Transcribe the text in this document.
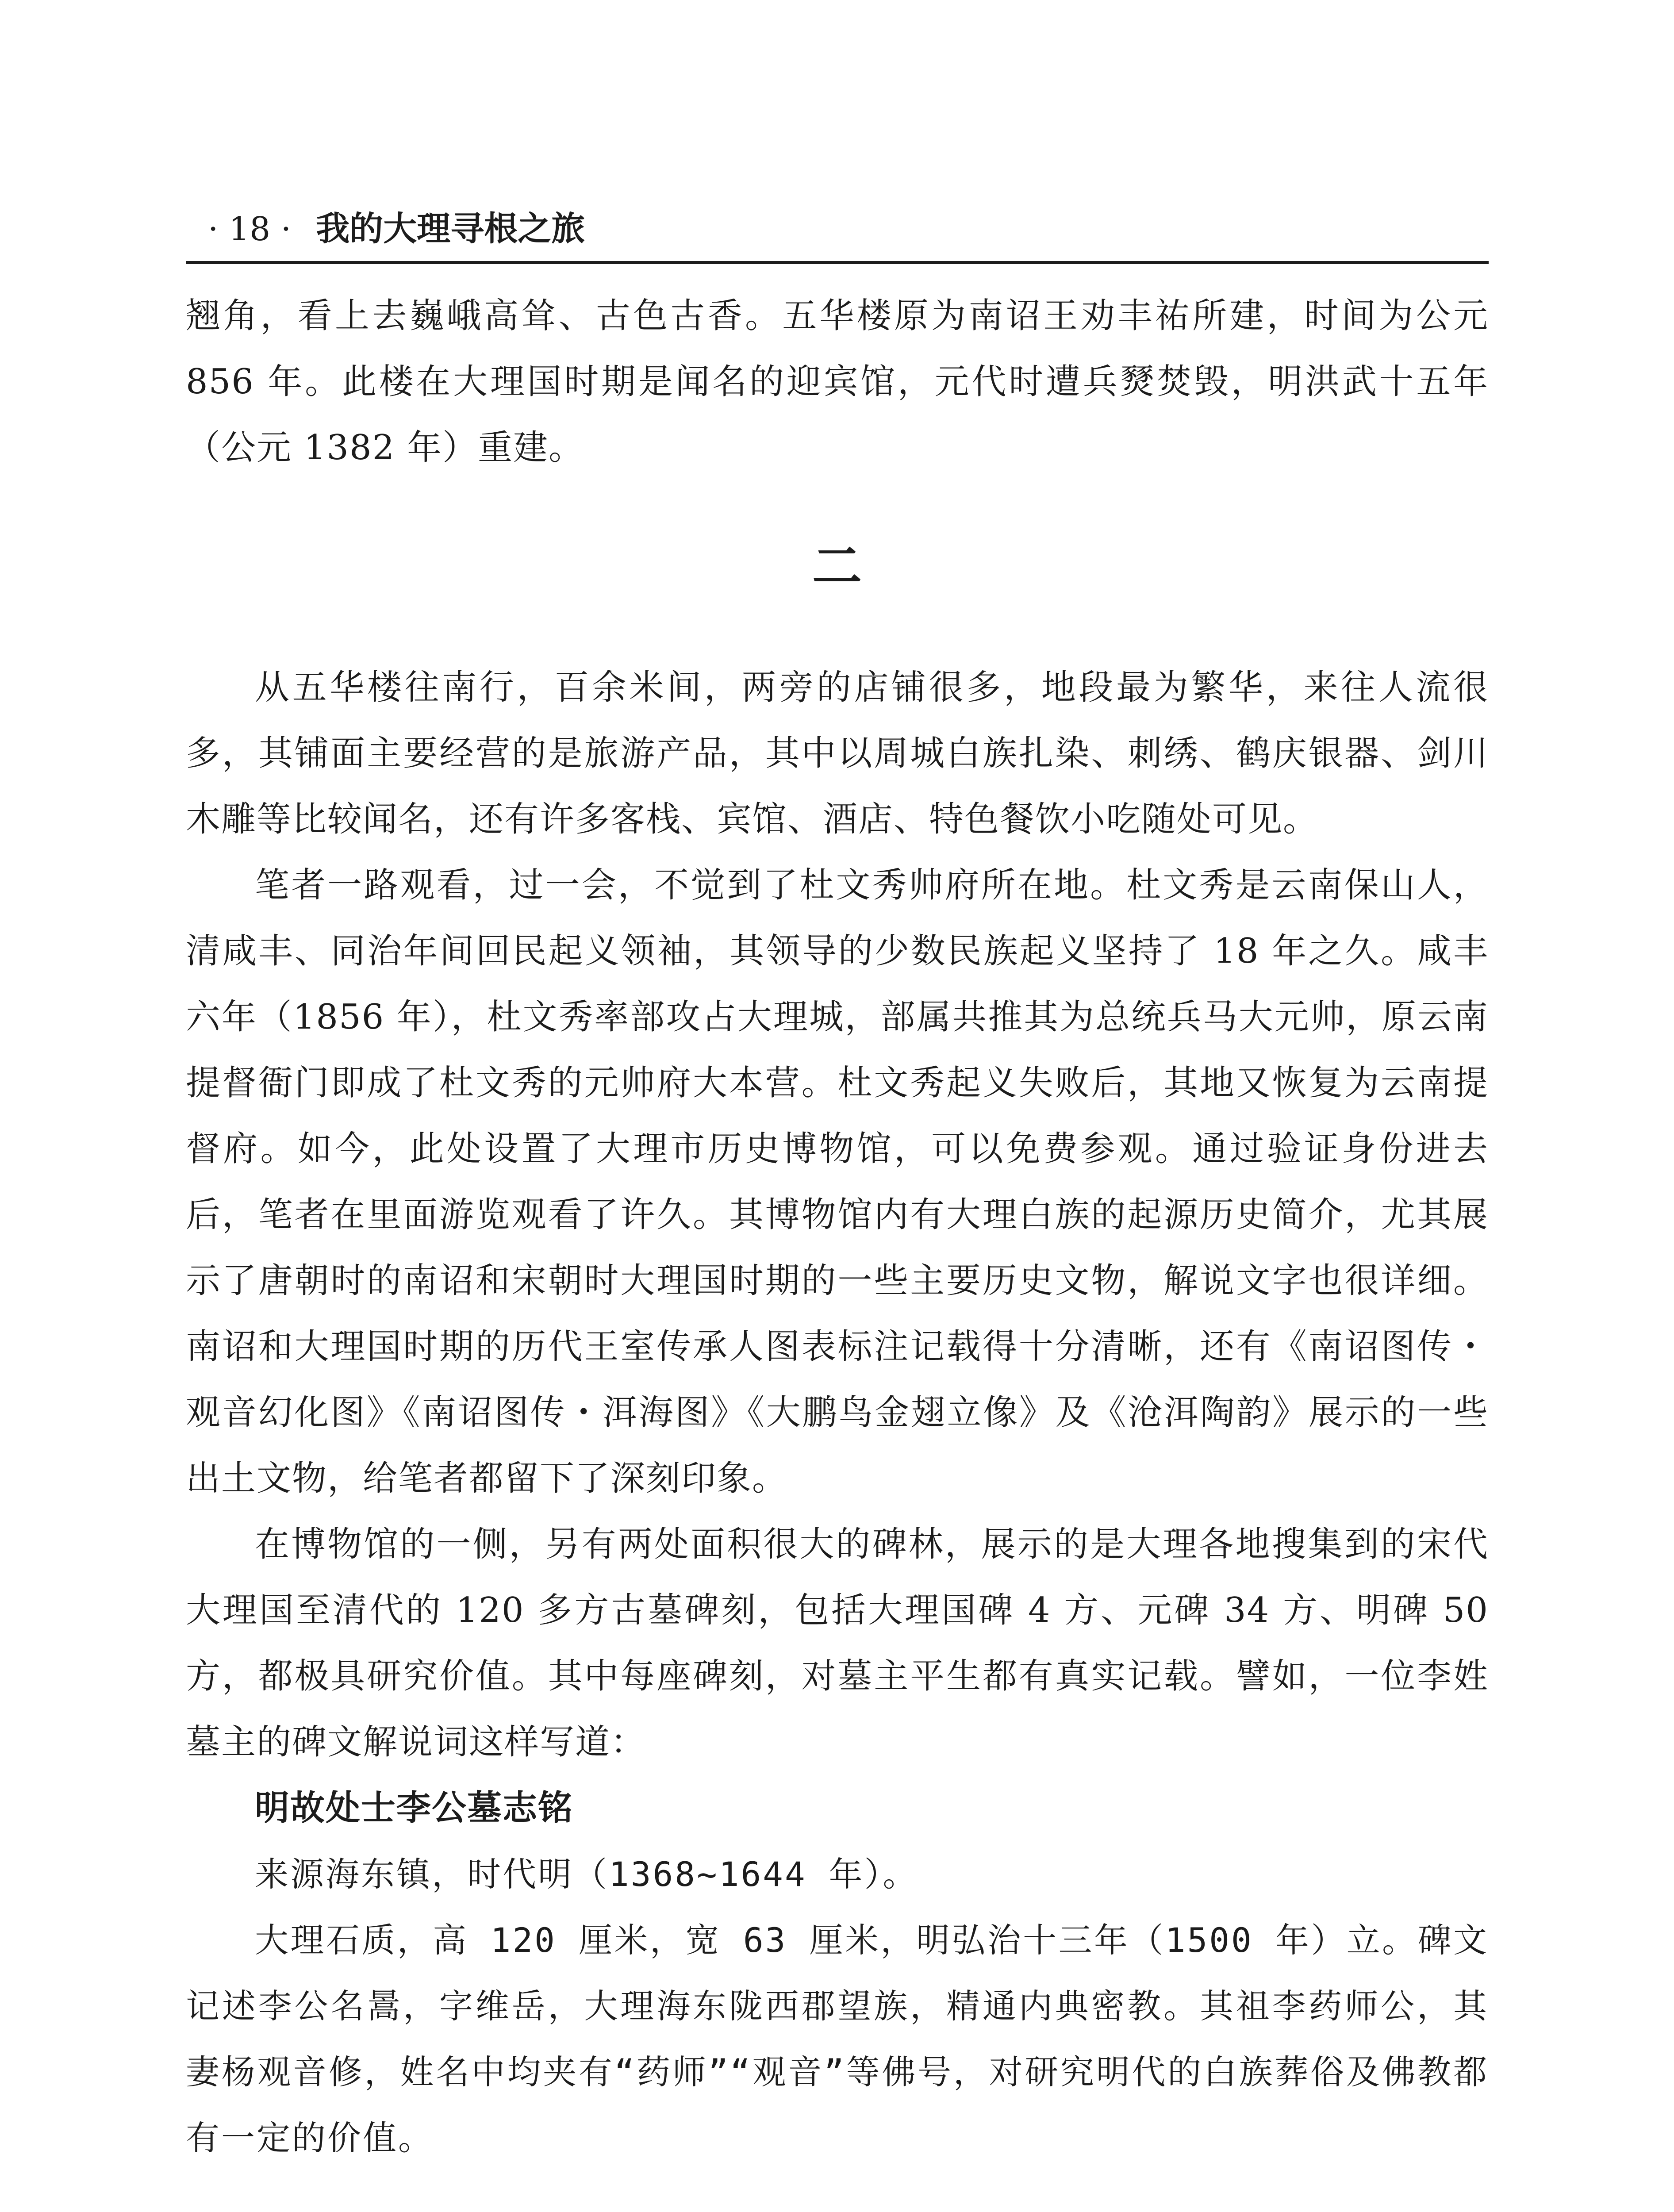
· 18 · 我的大理寻根之旅

翘角，看上去巍峨高耸、古色古香。五华楼原为南诏王劝丰祐所建，时间为公元 856 年。此楼在大理国时期是闻名的迎宾馆，元代时遭兵燹焚毁，明洪武十五年（公元 1382 年）重建。

二

从五华楼往南行，百余米间，两旁的店铺很多，地段最为繁华，来往人流很多，其铺面主要经营的是旅游产品，其中以周城白族扎染、刺绣、鹤庆银器、剑川木雕等比较闻名，还有许多客栈、宾馆、酒店、特色餐饮小吃随处可见。

笔者一路观看，过一会，不觉到了杜文秀帅府所在地。杜文秀是云南保山人，清咸丰、同治年间回民起义领袖，其领导的少数民族起义坚持了 18 年之久。咸丰六年（1856 年），杜文秀率部攻占大理城，部属共推其为总统兵马大元帅，原云南提督衙门即成了杜文秀的元帅府大本营。杜文秀起义失败后，其地又恢复为云南提督府。如今，此处设置了大理市历史博物馆，可以免费参观。通过验证身份进去后，笔者在里面游览观看了许久。其博物馆内有大理白族的起源历史简介，尤其展示了唐朝时的南诏和宋朝时大理国时期的一些主要历史文物，解说文字也很详细。南诏和大理国时期的历代王室传承人图表标注记载得十分清晰，还有《南诏图传・观音幻化图》《南诏图传・洱海图》《大鹏鸟金翅立像》及《沧洱陶韵》展示的一些出土文物，给笔者都留下了深刻印象。

在博物馆的一侧，另有两处面积很大的碑林，展示的是大理各地搜集到的宋代大理国至清代的 120 多方古墓碑刻，包括大理国碑 4 方、元碑 34 方、明碑 50 方，都极具研究价值。其中每座碑刻，对墓主平生都有真实记载。譬如，一位李姓墓主的碑文解说词这样写道：

明故处士李公墓志铭

来源海东镇，时代明（1368~1644 年）。

大理石质，高 120 厘米，宽 63 厘米，明弘治十三年（1500 年）立。碑文记述李公名暠，字维岳，大理海东陇西郡望族，精通内典密教。其祖李药师公，其妻杨观音修，姓名中均夹有“药师”“观音”等佛号，对研究明代的白族葬俗及佛教都有一定的价值。
